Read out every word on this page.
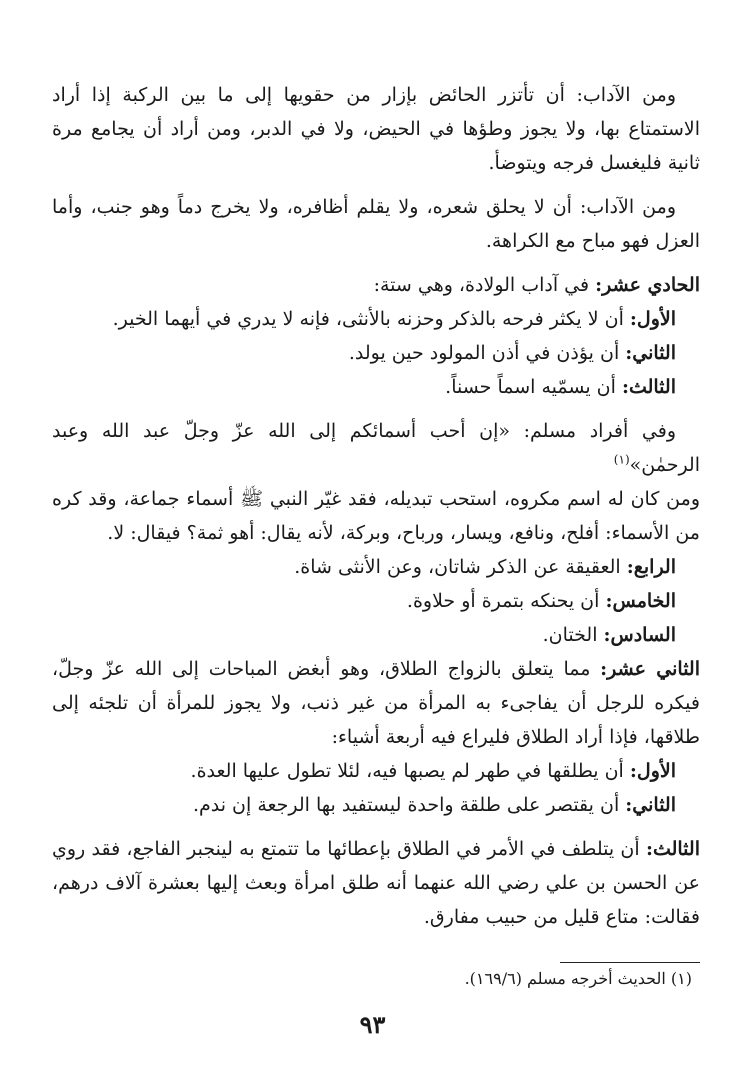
ومن الآداب: أن تأتزر الحائض بإزار من حقويها إلى ما بين الركبة إذا أراد الاستمتاع بها، ولا يجوز وطؤها في الحيض، ولا في الدبر، ومن أراد أن يجامع مرة ثانية فليغسل فرجه ويتوضأ.

ومن الآداب: أن لا يحلق شعره، ولا يقلم أظافره، ولا يخرج دماً وهو جنب، وأما العزل فهو مباح مع الكراهة.

الحادي عشر: في آداب الولادة، وهي ستة:

الأول: أن لا يكثر فرحه بالذكر وحزنه بالأنثى، فإنه لا يدري في أيهما الخير.

الثاني: أن يؤذن في أذن المولود حين يولد.

الثالث: أن يسمّيه اسماً حسناً.

وفي أفراد مسلم: «إن أحب أسمائكم إلى الله عزّ وجلّ عبد الله وعبد الرحمٰن»$^{(١)}$

ومن كان له اسم مكروه، استحب تبديله، فقد غيّر النبي ﷺ أسماء جماعة، وقد كره من الأسماء: أفلح، ونافع، ويسار، ورباح، وبركة، لأنه يقال: أهو ثمة؟ فيقال: لا.

الرابع: العقيقة عن الذكر شاتان، وعن الأنثى شاة.

الخامس: أن يحنكه بتمرة أو حلاوة.

السادس: الختان.

الثاني عشر: مما يتعلق بالزواج الطلاق، وهو أبغض المباحات إلى الله عزّ وجلّ، فيكره للرجل أن يفاجىء به المرأة من غير ذنب، ولا يجوز للمرأة أن تلجئه إلى طلاقها، فإذا أراد الطلاق فليراع فيه أربعة أشياء:

الأول: أن يطلقها في طهر لم يصبها فيه، لئلا تطول عليها العدة.

الثاني: أن يقتصر على طلقة واحدة ليستفيد بها الرجعة إن ندم.

الثالث: أن يتلطف في الأمر في الطلاق بإعطائها ما تتمتع به لينجبر الفاجع، فقد روي عن الحسن بن علي رضي الله عنهما أنه طلق امرأة وبعث إليها بعشرة آلاف درهم، فقالت: متاع قليل من حبيب مفارق.

(١) الحديث أخرجه مسلم (١٦٩/٦).
٩٣
